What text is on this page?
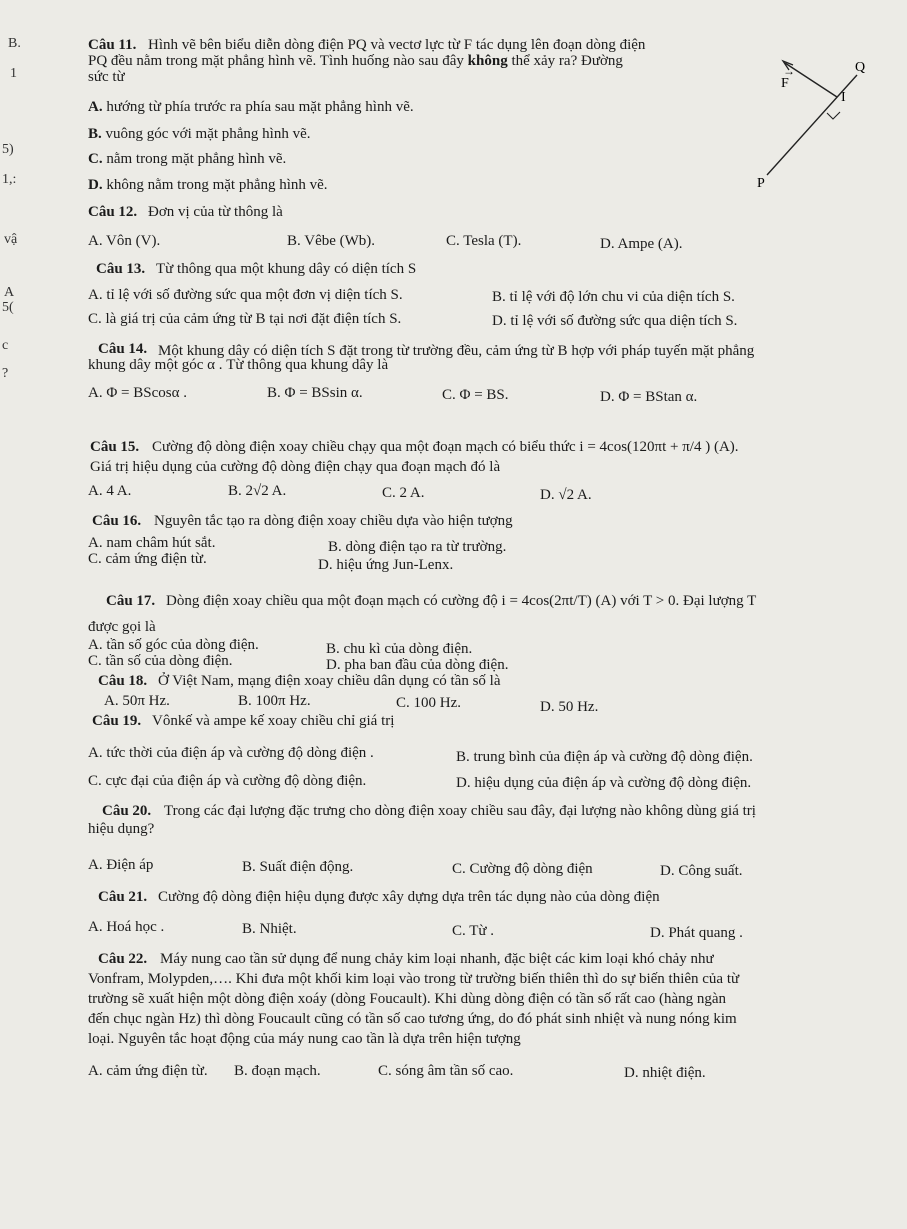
B.
1
5)
1,:
vậ
A
5(
c
?
Câu 11. Hình vẽ bên biểu diễn dòng điện PQ và vectơ lực từ F tác dụng lên đoạn dòng điện
PQ đều nằm trong mặt phẳng hình vẽ. Tình huống nào sau đây không thể xảy ra? Đường
sức từ
A. hướng từ phía trước ra phía sau mặt phẳng hình vẽ.
B. vuông góc với mặt phẳng hình vẽ.
C. nằm trong mặt phẳng hình vẽ.
D. không nằm trong mặt phẳng hình vẽ.
F
→	Q
I
P
Câu 12. Đơn vị của từ thông là
A. Vôn (V).	B. Vêbe (Wb).	C. Tesla (T).	D. Ampe (A).
Câu 13. Từ thông qua một khung dây có diện tích S
A. tỉ lệ với số đường sức qua một đơn vị diện tích S.	B. tỉ lệ với độ lớn chu vi của diện tích S.
C. là giá trị của cảm ứng từ B tại nơi đặt điện tích S.	D. tỉ lệ với số đường sức qua diện tích S.
Câu 14. Một khung dây có diện tích S đặt trong từ trường đều, cảm ứng từ B hợp với pháp tuyến mặt phẳng
khung dây một góc α . Từ thông qua khung dây là
A. Φ = BScosα .	B. Φ = BSsin α.	C. Φ = BS.	D. Φ = BStan α.
Câu 15. Cường độ dòng điện xoay chiều chạy qua một đoạn mạch có biểu thức i = 4cos(120πt + π/4 ) (A).
Giá trị hiệu dụng của cường độ dòng điện chạy qua đoạn mạch đó là
A. 4 A.	B. 2√2 A.	C. 2 A.	D. √2 A.
Câu 16. Nguyên tắc tạo ra dòng điện xoay chiều dựa vào hiện tượng
A. nam châm hút sắt.	B. dòng điện tạo ra từ trường.
C. cảm ứng điện từ.	D. hiệu ứng Jun-Lenx.
Câu 17. Dòng điện xoay chiều qua một đoạn mạch có cường độ i = 4cos(2πt/T) (A) với T > 0. Đại lượng T
được gọi là
A. tần số góc của dòng điện.	B. chu kì của dòng điện.
C. tần số của dòng điện.	D. pha ban đầu của dòng điện.
Câu 18. Ở Việt Nam, mạng điện xoay chiều dân dụng có tần số là
A. 50π Hz.	B. 100π Hz.	C. 100 Hz.	D. 50 Hz.
Câu 19. Vônkế và ampe kế xoay chiều chỉ giá trị
A. tức thời của điện áp và cường độ dòng điện .	B. trung bình của điện áp và cường độ dòng điện.
C. cực đại của điện áp và cường độ dòng điện.	D. hiệu dụng của điện áp và cường độ dòng điện.
Câu 20. Trong các đại lượng đặc trưng cho dòng điện xoay chiều sau đây, đại lượng nào không dùng giá trị
hiệu dụng?
A. Điện áp	B. Suất điện động.	C. Cường độ dòng điện	D. Công suất.
Câu 21. Cường độ dòng điện hiệu dụng được xây dựng dựa trên tác dụng nào của dòng điện
A. Hoá học .	B. Nhiệt.	C. Từ .	D. Phát quang .
Câu 22. Máy nung cao tần sử dụng để nung chảy kim loại nhanh, đặc biệt các kim loại khó chảy như
Vonfram, Molypden,…. Khi đưa một khối kim loại vào trong từ trường biến thiên thì do sự biến thiên của từ
trường sẽ xuất hiện một dòng điện xoáy (dòng Foucault). Khi dùng dòng điện có tần số rất cao (hàng ngàn
đến chục ngàn Hz) thì dòng Foucault cũng có tần số cao tương ứng, do đó phát sinh nhiệt và nung nóng kim
loại. Nguyên tắc hoạt động của máy nung cao tần là dựa trên hiện tượng
A. cảm ứng điện từ. B. đoạn mạch.	C. sóng âm tần số cao.	D. nhiệt điện.
